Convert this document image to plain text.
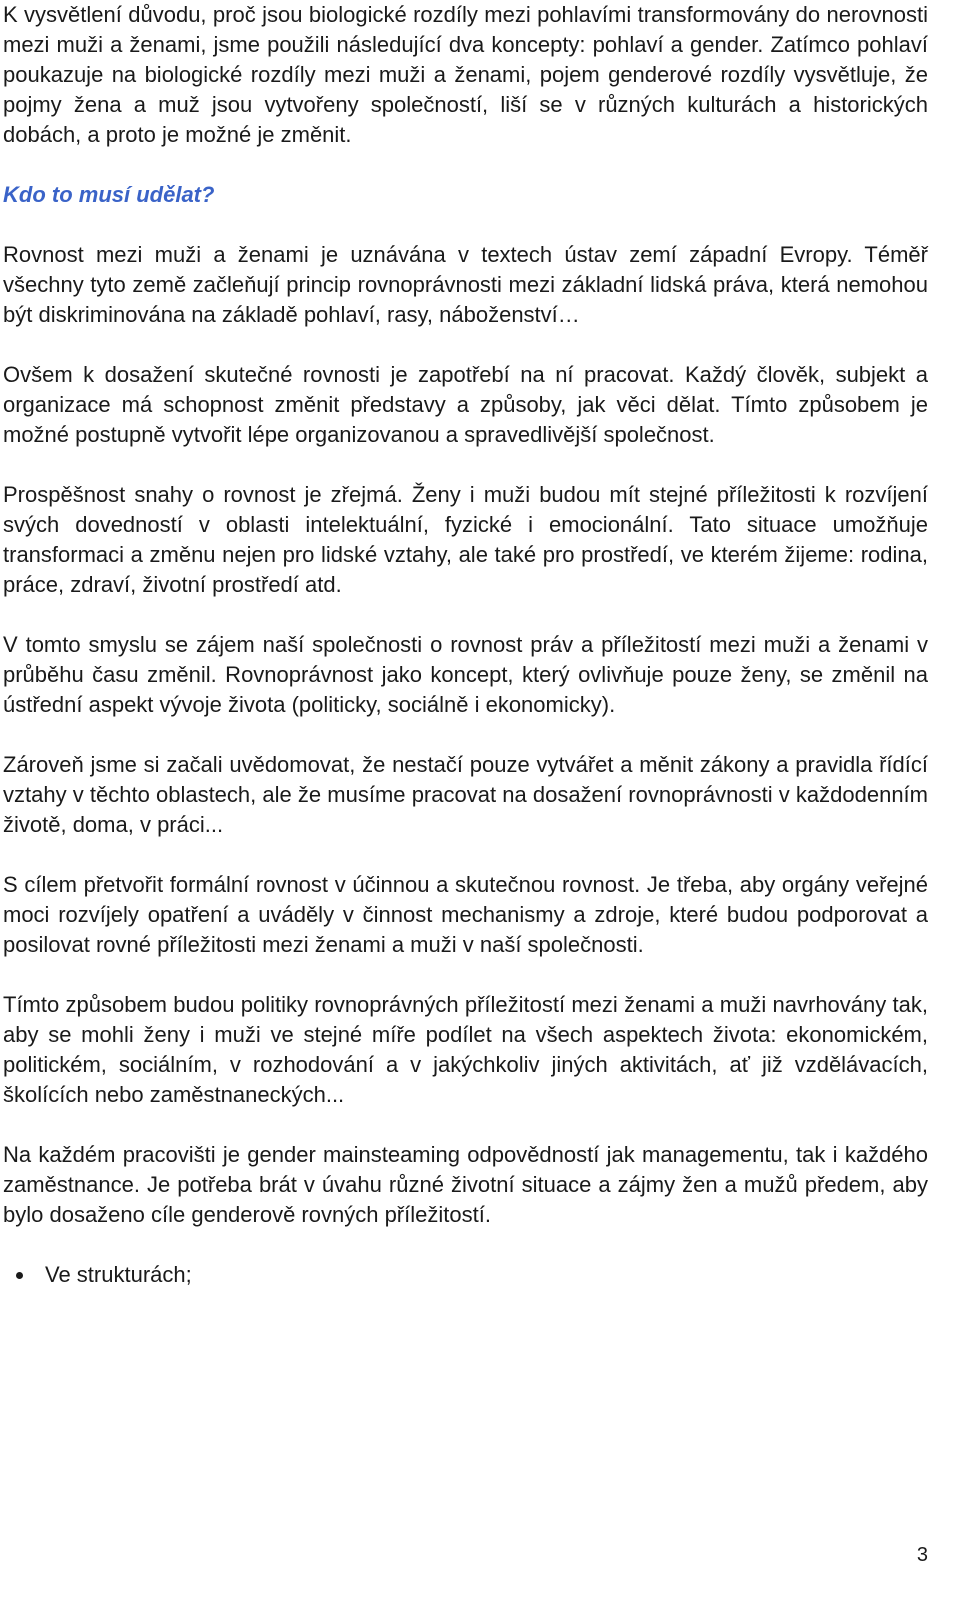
K vysvětlení důvodu, proč jsou biologické rozdíly mezi pohlavími transformovány do nerovnosti mezi muži a ženami, jsme použili následující dva koncepty: pohlaví a gender. Zatímco pohlaví poukazuje na biologické rozdíly mezi muži a ženami, pojem genderové rozdíly vysvětluje, že pojmy žena a muž jsou vytvořeny společností, liší se v různých kulturách a historických dobách, a proto je možné je změnit.

Kdo to musí udělat?

Rovnost mezi muži a ženami je uznávána v textech ústav zemí západní Evropy. Téměř všechny tyto země začleňují princip rovnoprávnosti mezi základní lidská práva, která nemohou být diskriminována na základě pohlaví, rasy, náboženství…

Ovšem k dosažení skutečné rovnosti je zapotřebí na ní pracovat. Každý člověk, subjekt a organizace má schopnost změnit představy a způsoby, jak věci dělat. Tímto způsobem je možné postupně vytvořit lépe organizovanou a spravedlivější společnost.

Prospěšnost snahy o rovnost je zřejmá. Ženy i muži budou mít stejné příležitosti k rozvíjení svých dovedností v oblasti intelektuální, fyzické i emocionální. Tato situace umožňuje transformaci a změnu nejen pro lidské vztahy, ale také pro prostředí, ve kterém žijeme: rodina, práce, zdraví, životní prostředí atd.

V tomto smyslu se zájem naší společnosti o rovnost práv a příležitostí mezi muži a ženami v průběhu času změnil. Rovnoprávnost jako koncept, který ovlivňuje pouze ženy, se změnil na ústřední aspekt vývoje života (politicky, sociálně i ekonomicky).

Zároveň jsme si začali uvědomovat, že nestačí pouze vytvářet a měnit zákony a pravidla řídící vztahy v těchto oblastech, ale že musíme pracovat na dosažení rovnoprávnosti v každodenním životě, doma, v práci...

S cílem přetvořit formální rovnost v účinnou a skutečnou rovnost. Je třeba, aby orgány veřejné moci rozvíjely opatření a uváděly v činnost mechanismy a zdroje, které budou podporovat a posilovat rovné příležitosti mezi ženami a muži v naší společnosti.

Tímto způsobem budou politiky rovnoprávných příležitostí mezi ženami a muži navrhovány tak, aby se mohli ženy i muži ve stejné míře podílet na všech aspektech života: ekonomickém, politickém, sociálním, v rozhodování a v jakýchkoliv jiných aktivitách, ať již vzdělávacích, školících nebo zaměstnaneckých...

Na každém pracovišti je gender mainsteaming odpovědností jak managementu, tak i každého zaměstnance. Je potřeba brát v úvahu různé životní situace a zájmy žen a mužů předem, aby bylo dosaženo cíle genderově rovných příležitostí.

Ve strukturách;
3
